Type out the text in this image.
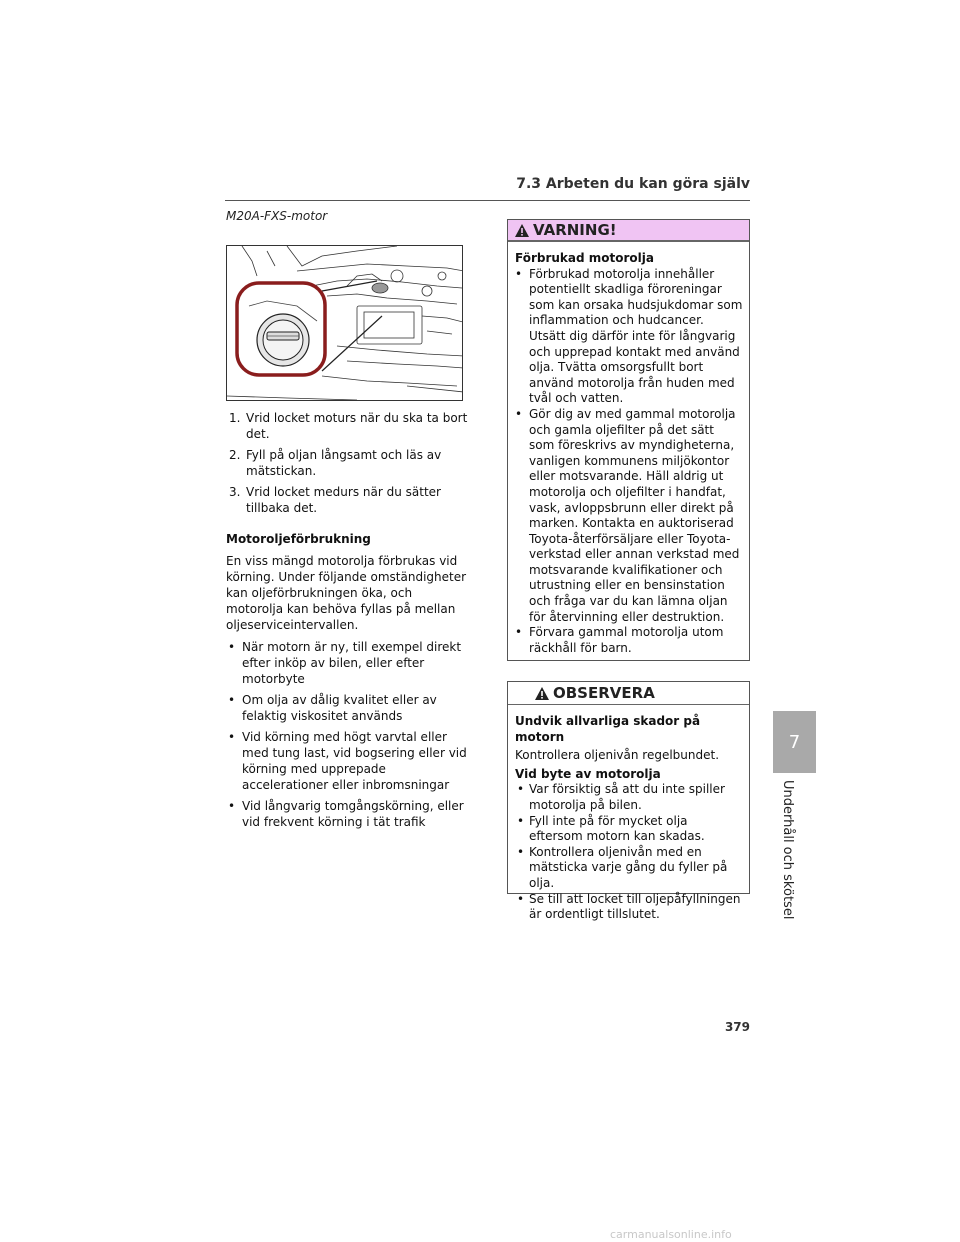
7.3 Arbeten du kan göra själv
M20A-FXS-motor
1. Vrid locket moturs när du ska ta bort det.
2. Fyll på oljan långsamt och läs av mätstickan.
3. Vrid locket medurs när du sätter tillbaka det.
Motoroljeförbrukning

En viss mängd motorolja förbrukas vid körning. Under följande omständigheter kan oljeförbrukningen öka, och motorolja kan behöva fyllas på mellan oljeserviceintervallen.

• När motorn är ny, till exempel direkt efter inköp av bilen, eller efter motorbyte
• Om olja av dålig kvalitet eller av felaktig viskositet används
• Vid körning med högt varvtal eller med tung last, vid bogsering eller vid körning med upprepade accelerationer eller inbromsningar
• Vid långvarig tomgångskörning, eller vid frekvent körning i tät trafik
VARNING!
Förbrukad motorolja
• Förbrukad motorolja innehåller potentiellt skadliga föroreningar som kan orsaka hudsjukdomar som inflammation och hudcancer. Utsätt dig därför inte för långvarig och upprepad kontakt med använd olja. Tvätta omsorgsfullt bort använd motorolja från huden med tvål och vatten.
• Gör dig av med gammal motorolja och gamla oljefilter på det sätt som föreskrivs av myndigheterna, vanligen kommunens miljökontor eller motsvarande. Häll aldrig ut motorolja och oljefilter i handfat, vask, avloppsbrunn eller direkt på marken. Kontakta en auktoriserad Toyota-återförsäljare eller Toyota-verkstad eller annan verkstad med motsvarande kvalifikationer och utrustning eller en bensinstation och fråga var du kan lämna oljan för återvinning eller destruktion.
• Förvara gammal motorolja utom räckhåll för barn.
OBSERVERA
Undvik allvarliga skador på motorn

Kontrollera oljenivån regelbundet.

Vid byte av motorolja
• Var försiktig så att du inte spiller motorolja på bilen.
• Fyll inte på för mycket olja eftersom motorn kan skadas.
• Kontrollera oljenivån med en mätsticka varje gång du fyller på olja.
• Se till att locket till oljepåfyllningen är ordentligt tillslutet.
7
Underhåll och skötsel
379
carmanualsonline.info
